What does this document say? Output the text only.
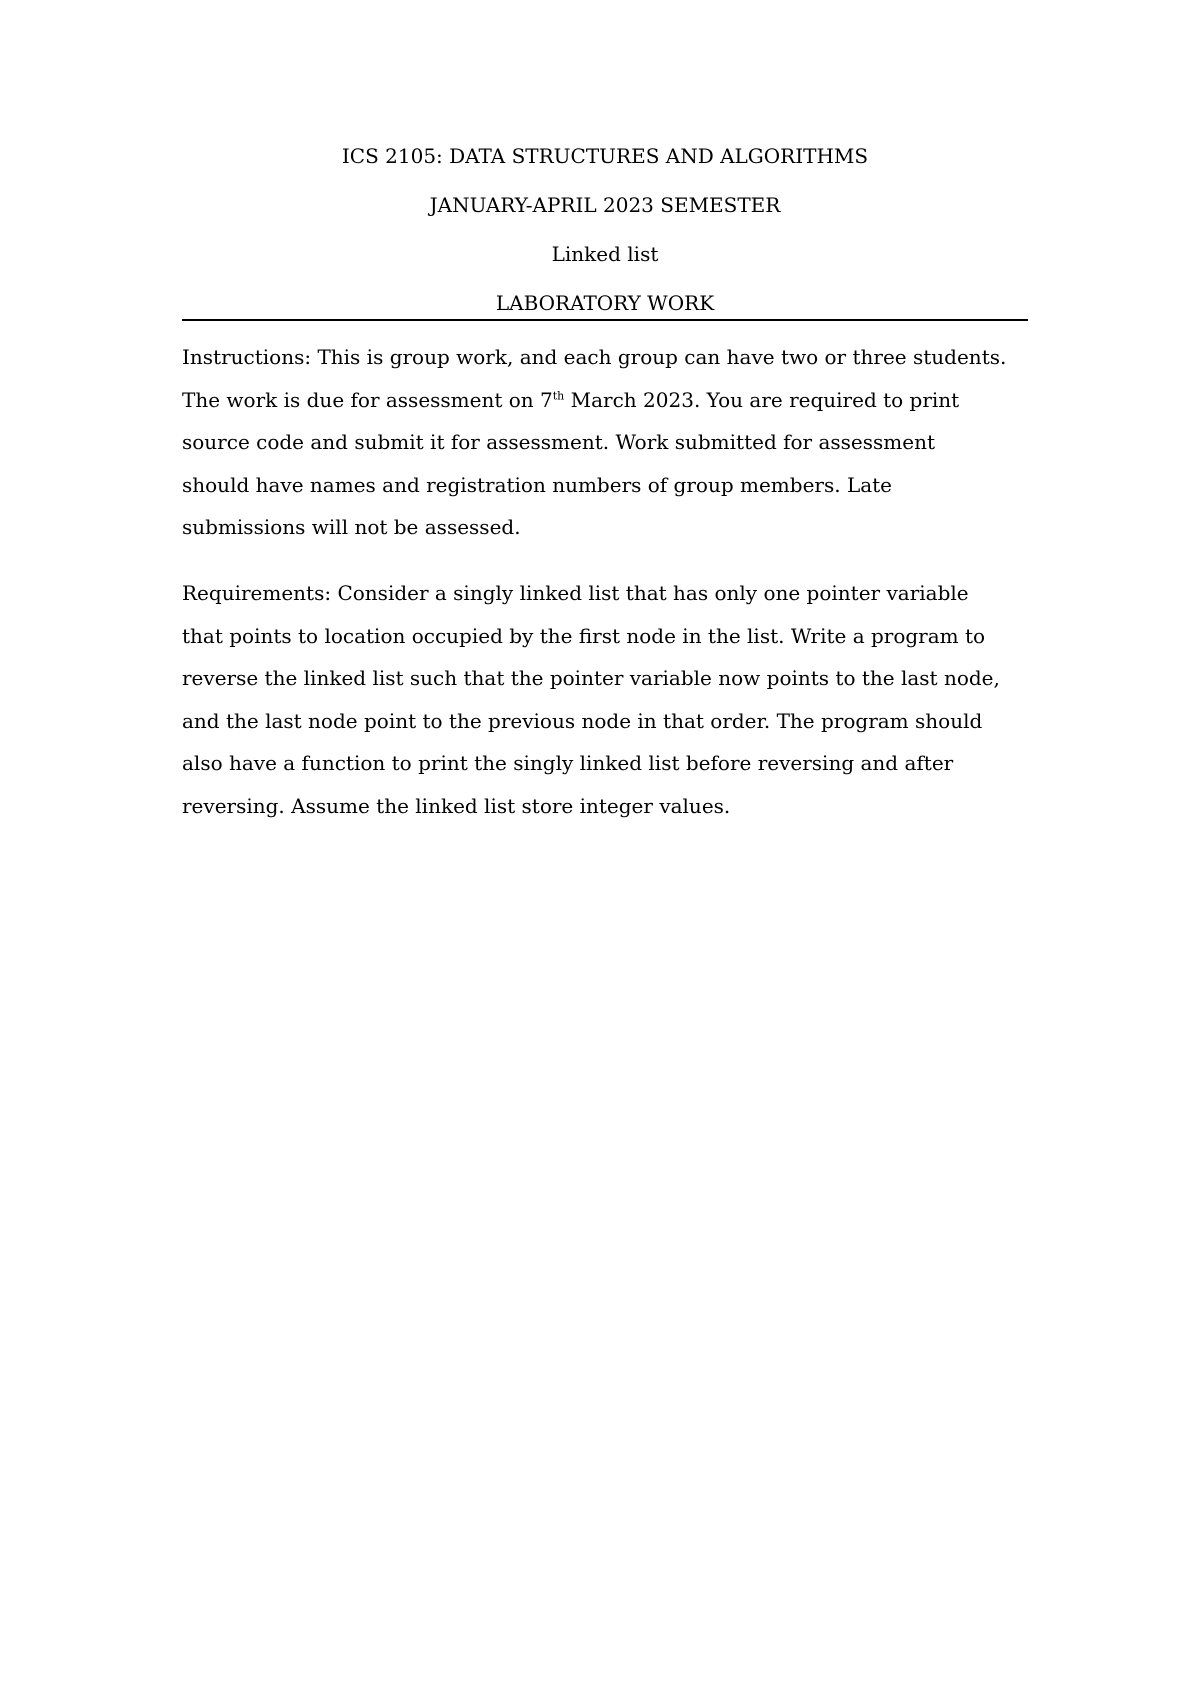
ICS 2105: DATA STRUCTURES AND ALGORITHMS
JANUARY-APRIL 2023 SEMESTER
Linked list
LABORATORY WORK
Instructions: This is group work, and each group can have two or three students.
The work is due for assessment on 7th March 2023. You are required to print
source code and submit it for assessment. Work submitted for assessment
should have names and registration numbers of group members. Late
submissions will not be assessed.
Requirements: Consider a singly linked list that has only one pointer variable
that points to location occupied by the first node in the list. Write a program to
reverse the linked list such that the pointer variable now points to the last node,
and the last node point to the previous node in that order. The program should
also have a function to print the singly linked list before reversing and after
reversing. Assume the linked list store integer values.
